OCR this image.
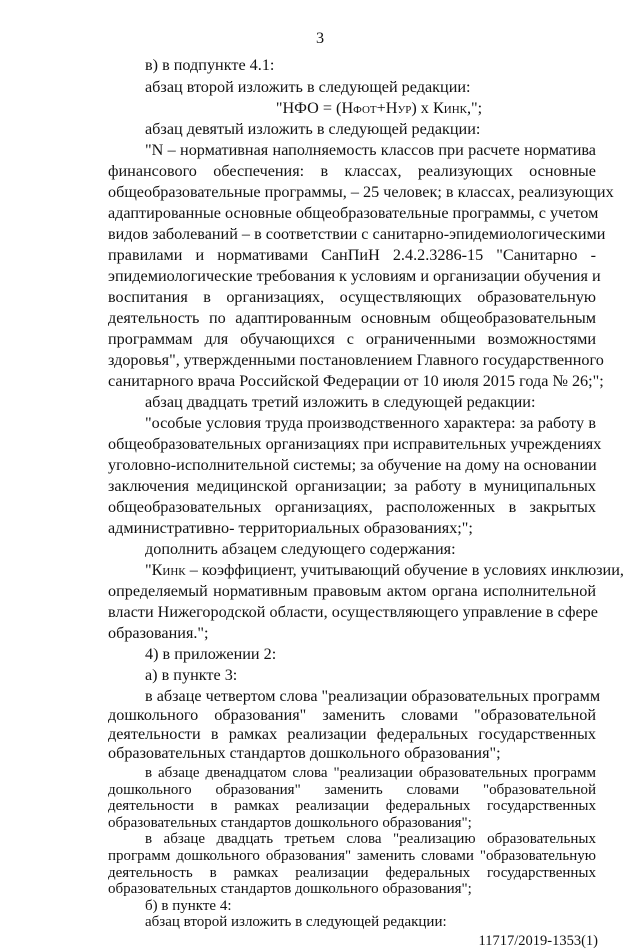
3
в) в подпункте 4.1:
абзац второй изложить в следующей редакции:
"НФО = (НФОТ+НУР) x КИНК,";
абзац девятый изложить в следующей редакции:
"N – нормативная наполняемость классов при расчете норматива
финансового обеспечения: в классах, реализующих основные
общеобразовательные программы, – 25 человек; в классах, реализующих
адаптированные основные общеобразовательные программы, с учетом
видов заболеваний – в соответствии с санитарно-эпидемиологическими
правилами и нормативами СанПиН 2.4.2.3286-15 "Санитарно -
эпидемиологические требования к условиям и организации обучения и
воспитания в организациях, осуществляющих образовательную
деятельность по адаптированным основным общеобразовательным
программам для обучающихся с ограниченными возможностями
здоровья", утвержденными постановлением Главного государственного
санитарного врача Российской Федерации от 10 июля 2015 года № 26;";
абзац двадцать третий изложить в следующей редакции:
"особые условия труда производственного характера: за работу в
общеобразовательных организациях при исправительных учреждениях
уголовно-исполнительной системы; за обучение на дому на основании
заключения медицинской организации; за работу в муниципальных
общеобразовательных организациях, расположенных в закрытых
административно- территориальных образованиях;";
дополнить абзацем следующего содержания:
"КИНК – коэффициент, учитывающий обучение в условиях инклюзии,
определяемый нормативным правовым актом органа исполнительной
власти Нижегородской области, осуществляющего управление в сфере
образования.";
4) в приложении 2:
а) в пункте 3:
в абзаце четвертом слова "реализации образовательных программ
дошкольного образования" заменить словами "образовательной
деятельности в рамках реализации федеральных государственных
образовательных стандартов дошкольного образования";
11717/2019-1353(1)
в абзаце двенадцатом слова "реализации образовательных программ
дошкольного образования" заменить словами "образовательной
деятельности в рамках реализации федеральных государственных
образовательных стандартов дошкольного образования";
в абзаце двадцать третьем слова "реализацию образовательных
программ дошкольного образования" заменить словами "образовательную
деятельность в рамках реализации федеральных государственных
образовательных стандартов дошкольного образования";
б) в пункте 4:
абзац второй изложить в следующей редакции:
